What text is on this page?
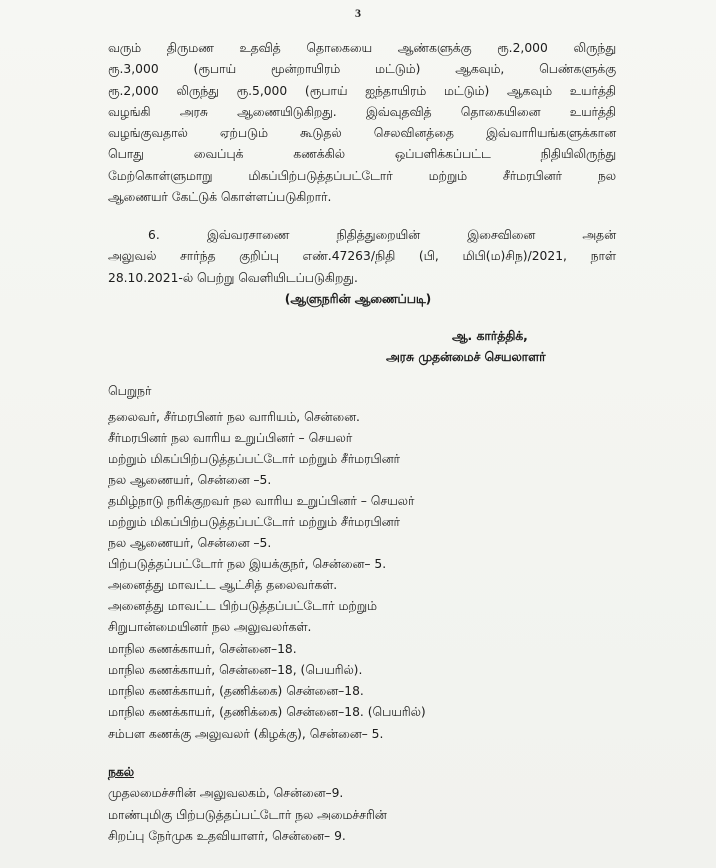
3
வரும் திருமண உதவித் தொகையை ஆண்களுக்கு ரூ.2,000 லிருந்து
ரூ.3,000 (ரூபாய் மூன்றாயிரம் மட்டும்) ஆகவும், பெண்களுக்கு
ரூ.2,000 லிருந்து ரூ.5,000 (ரூபாய் ஐந்தாயிரம் மட்டும்) ஆகவும் உயர்த்தி
வழங்கி அரசு ஆணையிடுகிறது. இவ்வுதவித் தொகையினை உயர்த்தி
வழங்குவதால் ஏற்படும் கூடுதல் செலவினத்தை இவ்வாரியங்களுக்கான
பொது வைப்புக் கணக்கில் ஒப்பளிக்கப்பட்ட நிதியிலிருந்து
மேற்கொள்ளுமாறு மிகப்பிற்படுத்தப்பட்டோர் மற்றும் சீர்மரபினர் நல
ஆணையர் கேட்டுக் கொள்ளப்படுகிறார்.
6. இவ்வரசாணை நிதித்துறையின் இசைவினை அதன்
அலுவல் சார்ந்த குறிப்பு எண்.47263/நிதி (பி, மிபி(ம)சிந)/2021, நாள்
28.10.2021-ல் பெற்று வெளியிடப்படுகிறது.
(ஆளுநரின் ஆணைப்படி)
ஆ. கார்த்திக்,
அரசு முதன்மைச் செயலாளர்
பெறுநர்
தலைவர், சீர்மரபினர் நல வாரியம், சென்னை.
சீர்மரபினர் நல வாரிய உறுப்பினர் – செயலர்
மற்றும் மிகப்பிற்படுத்தப்பட்டோர் மற்றும் சீர்மரபினர்
நல ஆணையர், சென்னை –5.
தமிழ்நாடு நரிக்குறவர் நல வாரிய உறுப்பினர் – செயலர்
மற்றும் மிகப்பிற்படுத்தப்பட்டோர் மற்றும் சீர்மரபினர்
நல ஆணையர், சென்னை –5.
பிற்படுத்தப்பட்டோர் நல இயக்குநர், சென்னை– 5.
அனைத்து மாவட்ட ஆட்சித் தலைவர்கள்.
அனைத்து மாவட்ட பிற்படுத்தப்பட்டோர் மற்றும்
சிறுபான்மையினர் நல அலுவலர்கள்.
மாநில கணக்காயர், சென்னை–18.
மாநில கணக்காயர், சென்னை–18, (பெயரில்).
மாநில கணக்காயர், (தணிக்கை) சென்னை–18.
மாநில கணக்காயர், (தணிக்கை) சென்னை–18. (பெயரில்)
சம்பள கணக்கு அலுவலர் (கிழக்கு), சென்னை– 5.
நகல்
முதலமைச்சரின் அலுவலகம், சென்னை–9.
மாண்புமிகு பிற்படுத்தப்பட்டோர் நல அமைச்சரின்
சிறப்பு நேர்முக உதவியாளர், சென்னை– 9.
